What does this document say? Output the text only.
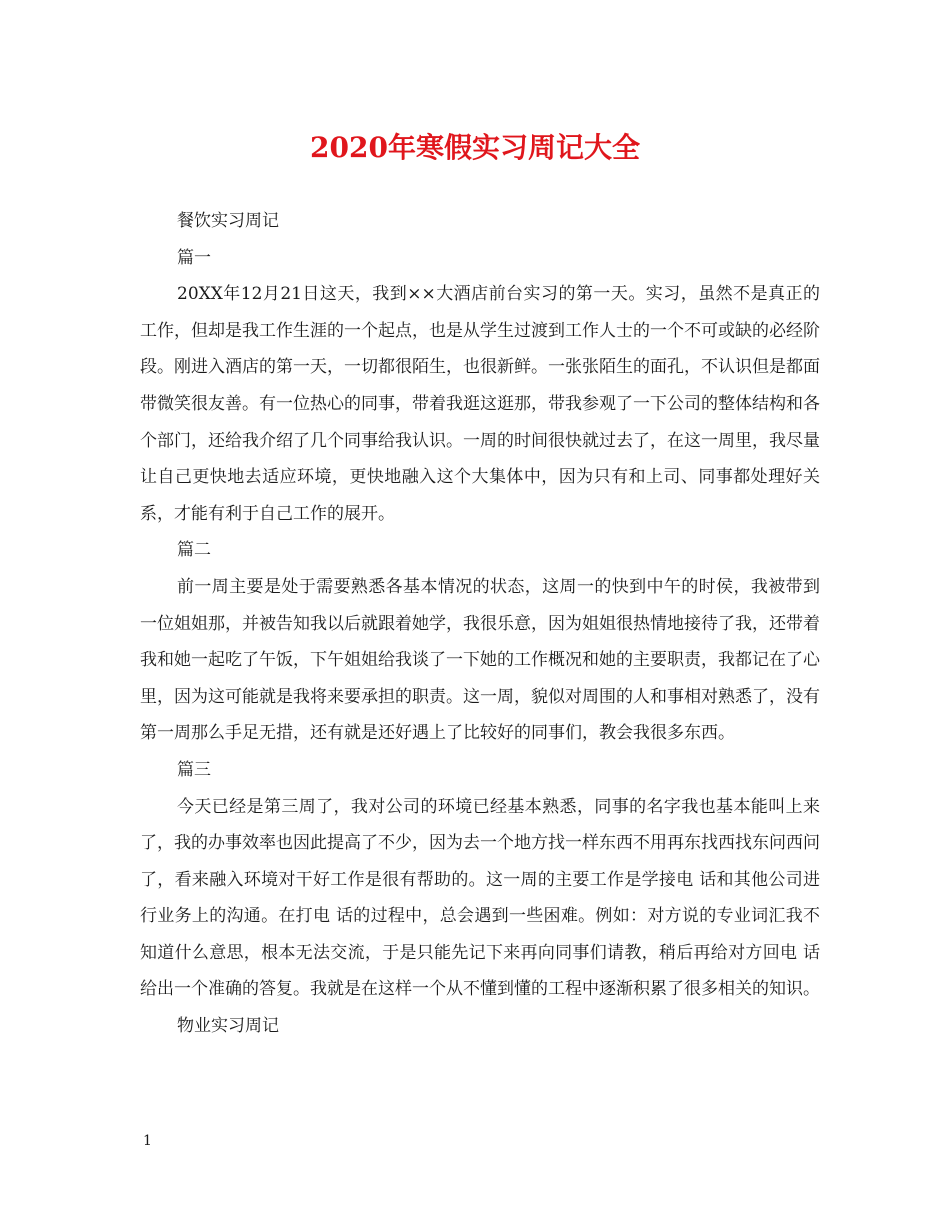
2020年寒假实习周记大全

餐饮实习周记

篇一

20XX年12月21日这天，我到××大酒店前台实习的第一天。实习，虽然不是真正的工作，但却是我工作生涯的一个起点，也是从学生过渡到工作人士的一个不可或缺的必经阶段。刚进入酒店的第一天，一切都很陌生，也很新鲜。一张张陌生的面孔，不认识但是都面带微笑很友善。有一位热心的同事，带着我逛这逛那，带我参观了一下公司的整体结构和各个部门，还给我介绍了几个同事给我认识。一周的时间很快就过去了，在这一周里，我尽量让自己更快地去适应环境，更快地融入这个大集体中，因为只有和上司、同事都处理好关系，才能有利于自己工作的展开。

篇二

前一周主要是处于需要熟悉各基本情况的状态，这周一的快到中午的时侯，我被带到一位姐姐那，并被告知我以后就跟着她学，我很乐意，因为姐姐很热情地接待了我，还带着我和她一起吃了午饭，下午姐姐给我谈了一下她的工作概况和她的主要职责，我都记在了心里，因为这可能就是我将来要承担的职责。这一周，貌似对周围的人和事相对熟悉了，没有第一周那么手足无措，还有就是还好遇上了比较好的同事们，教会我很多东西。

篇三

今天已经是第三周了，我对公司的环境已经基本熟悉，同事的名字我也基本能叫上来了，我的办事效率也因此提高了不少，因为去一个地方找一样东西不用再东找西找东问西问了，看来融入环境对干好工作是很有帮助的。这一周的主要工作是学接电 话和其他公司进行业务上的沟通。在打电 话的过程中，总会遇到一些困难。例如：对方说的专业词汇我不知道什么意思，根本无法交流，于是只能先记下来再向同事们请教，稍后再给对方回电 话给出一个准确的答复。我就是在这样一个从不懂到懂的工程中逐渐积累了很多相关的知识。

物业实习周记

1
